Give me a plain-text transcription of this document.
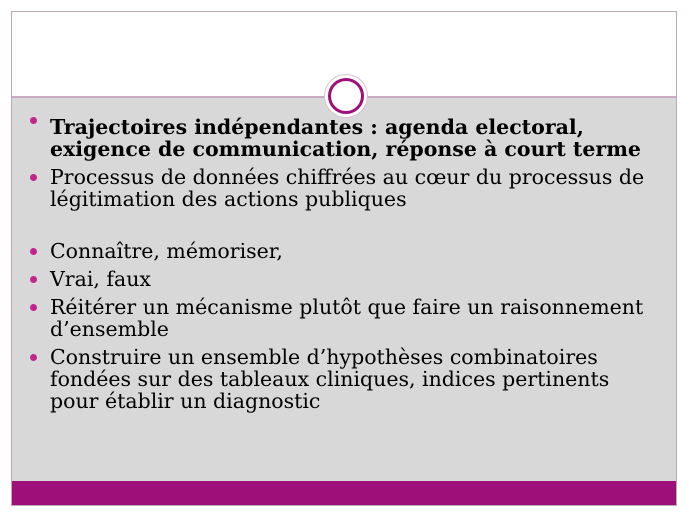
Trajectoires indépendantes : agenda electoral, exigence de communication, réponse à court terme
Processus de données chiffrées au cœur du processus de légitimation des actions publiques
Connaître, mémoriser,
Vrai, faux
Réitérer un mécanisme plutôt que faire un raisonnement d’ensemble
Construire un ensemble d’hypothèses combinatoires fondées sur des tableaux cliniques, indices pertinents pour établir un diagnostic
